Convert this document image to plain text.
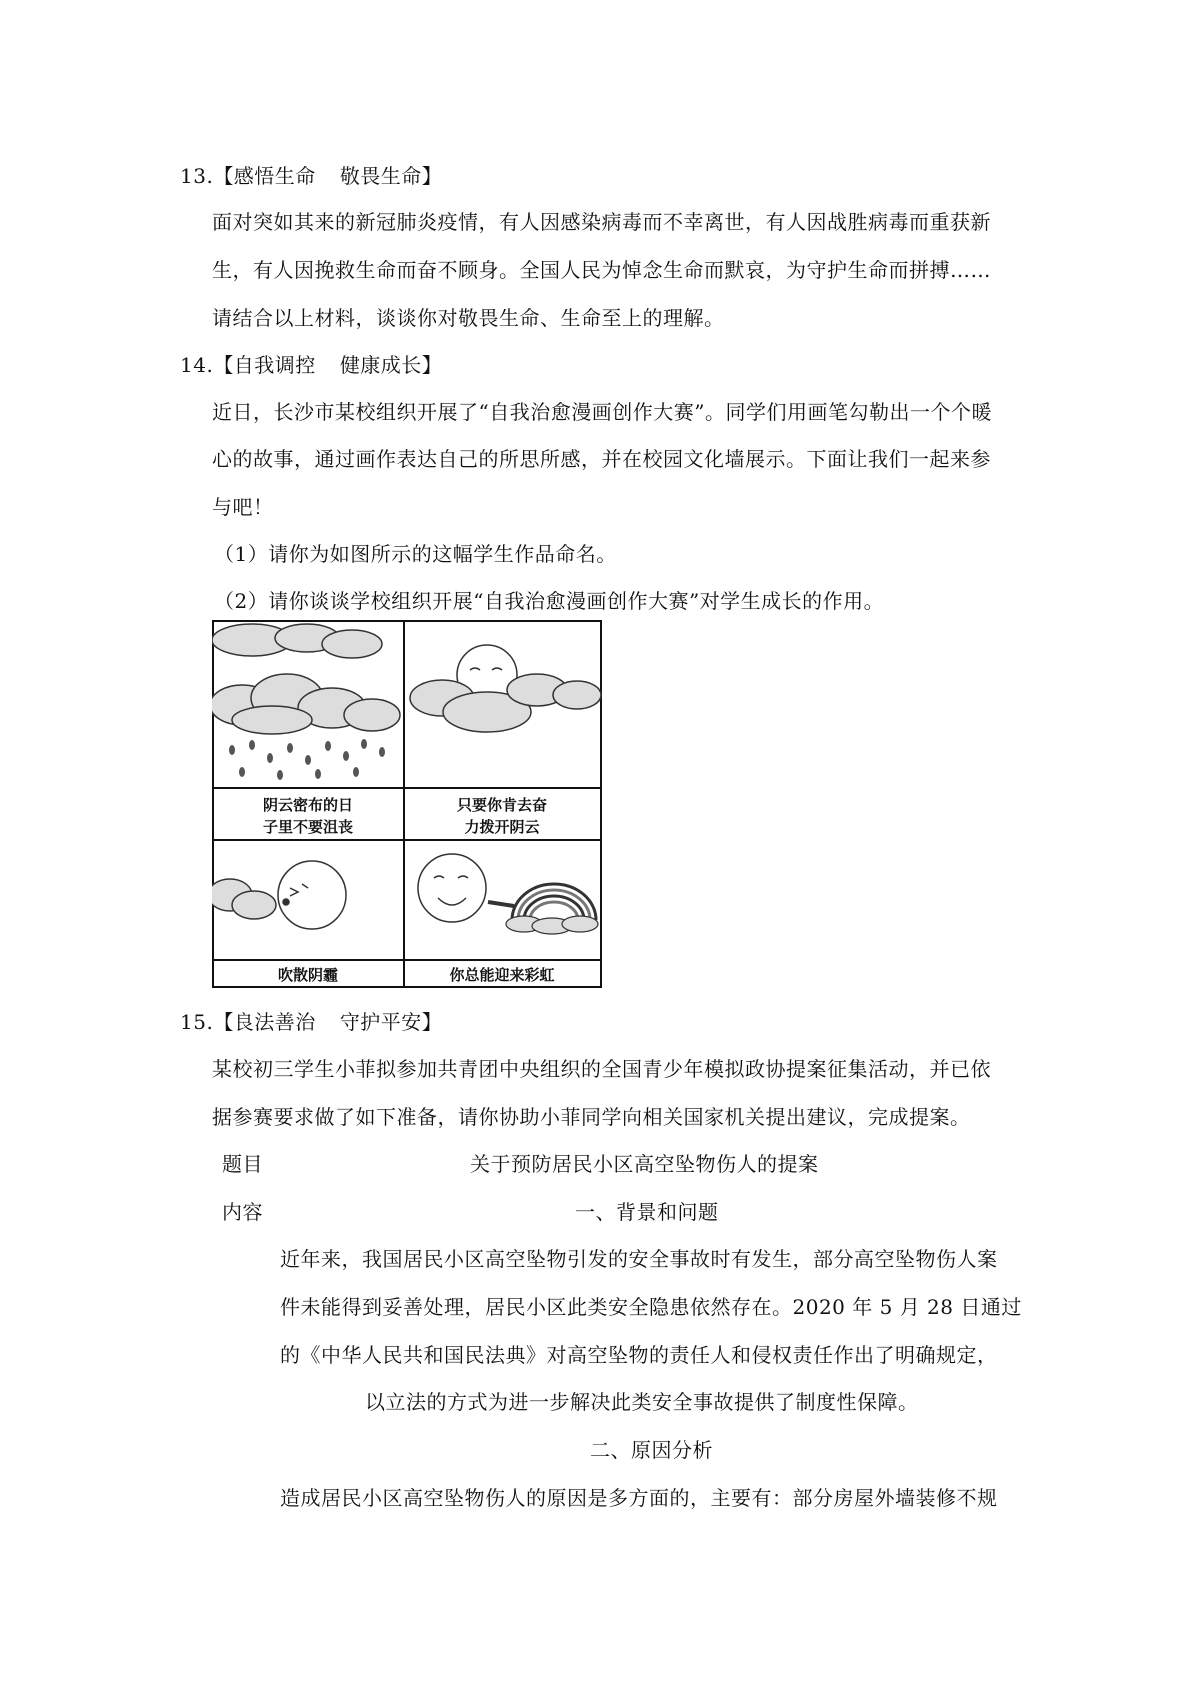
13.【感悟生命 敬畏生命】
面对突如其来的新冠肺炎疫情，有人因感染病毒而不幸离世，有人因战胜病毒而重获新
生，有人因挽救生命而奋不顾身。全国人民为悼念生命而默哀，为守护生命而拼搏……
请结合以上材料，谈谈你对敬畏生命、生命至上的理解。
14.【自我调控 健康成长】
近日，长沙市某校组织开展了“自我治愈漫画创作大赛”。同学们用画笔勾勒出一个个暖
心的故事，通过画作表达自己的所思所感，并在校园文化墙展示。下面让我们一起来参
与吧！
（1）请你为如图所示的这幅学生作品命名。
（2）请你谈谈学校组织开展“自我治愈漫画创作大赛”对学生成长的作用。
阴云密布的日
子里不要沮丧
只要你肯去奋
力拨开阴云
吹散阴霾	你总能迎来彩虹
15.【良法善治 守护平安】
某校初三学生小菲拟参加共青团中央组织的全国青少年模拟政协提案征集活动，并已依
据参赛要求做了如下准备，请你协助小菲同学向相关国家机关提出建议，完成提案。
题目	关于预防居民小区高空坠物伤人的提案
内容	一、背景和问题
近年来，我国居民小区高空坠物引发的安全事故时有发生，部分高空坠物伤人案
件未能得到妥善处理，居民小区此类安全隐患依然存在。2020 年 5 月 28 日通过
的《中华人民共和国民法典》对高空坠物的责任人和侵权责任作出了明确规定，
以立法的方式为进一步解决此类安全事故提供了制度性保障。
二、原因分析
造成居民小区高空坠物伤人的原因是多方面的，主要有：部分房屋外墙装修不规
